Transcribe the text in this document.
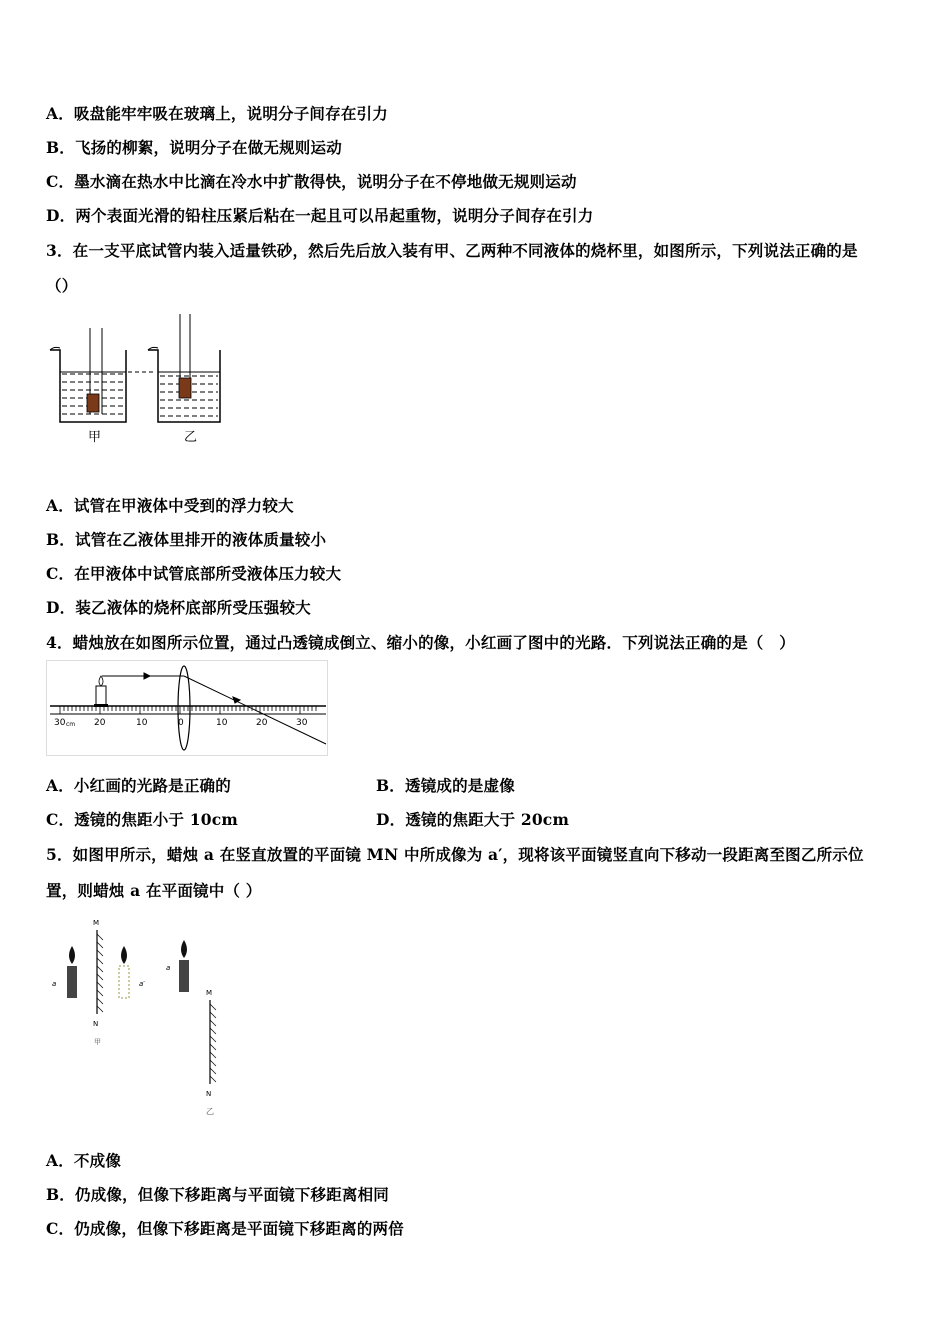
A．吸盘能牢牢吸在玻璃上，说明分子间存在引力
B．飞扬的柳絮，说明分子在做无规则运动
C．墨水滴在热水中比滴在冷水中扩散得快，说明分子在不停地做无规则运动
D．两个表面光滑的铅柱压紧后粘在一起且可以吊起重物，说明分子间存在引力
3．在一支平底试管内装入适量铁砂，然后先后放入装有甲、乙两种不同液体的烧杯里，如图所示，下列说法正确的是
（）
甲	乙
A．试管在甲液体中受到的浮力较大
B．试管在乙液体里排开的液体质量较小
C．在甲液体中试管底部所受液体压力较大
D．装乙液体的烧杯底部所受压强较大
4．蜡烛放在如图所示位置，通过凸透镜成倒立、缩小的像，小红画了图中的光路．下列说法正确的是（　）
30 cm 20	10	0	10	20	30
A．小红画的光路是正确的	B．透镜成的是虚像
C．透镜的焦距小于 10cm	D．透镜的焦距大于 20cm
5．如图甲所示，蜡烛 a 在竖直放置的平面镜 MN 中所成像为 a′，现将该平面镜竖直向下移动一段距离至图乙所示位
置，则蜡烛 a 在平面镜中（ ）
M
N
甲
a	a′
a
M
N
乙
A．不成像
B．仍成像，但像下移距离与平面镜下移距离相同
C．仍成像，但像下移距离是平面镜下移距离的两倍
